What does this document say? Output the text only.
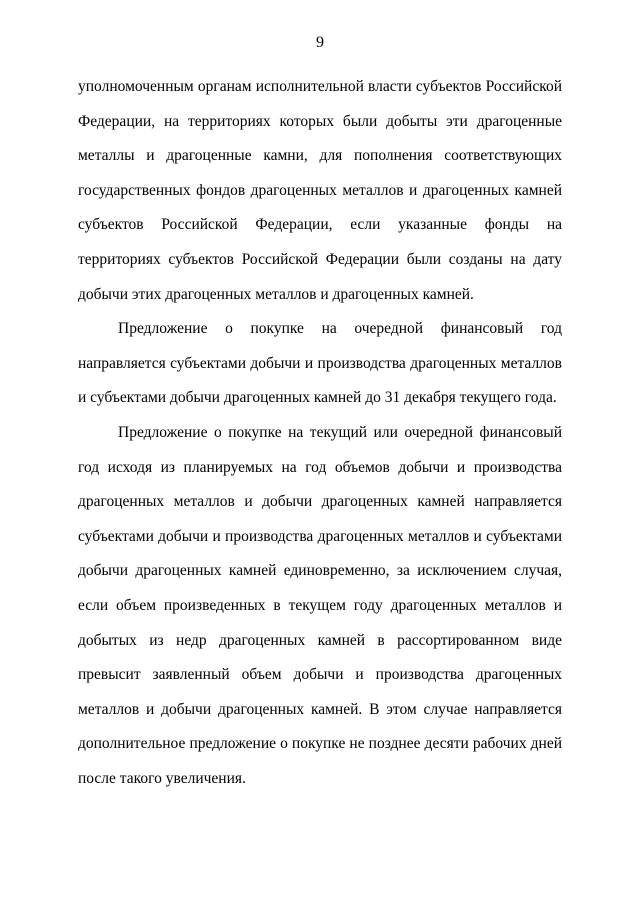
9

уполномоченным органам исполнительной власти субъектов Российской Федерации, на территориях которых были добыты эти драгоценные металлы и драгоценные камни, для пополнения соответствующих государственных фондов драгоценных металлов и драгоценных камней субъектов Российской Федерации, если указанные фонды на территориях субъектов Российской Федерации были созданы на дату добычи этих драгоценных металлов и драгоценных камней.

Предложение о покупке на очередной финансовый год направляется субъектами добычи и производства драгоценных металлов и субъектами добычи драгоценных камней до 31 декабря текущего года.

Предложение о покупке на текущий или очередной финансовый год исходя из планируемых на год объемов добычи и производства драгоценных металлов и добычи драгоценных камней направляется субъектами добычи и производства драгоценных металлов и субъектами добычи драгоценных камней единовременно, за исключением случая, если объем произведенных в текущем году драгоценных металлов и добытых из недр драгоценных камней в рассортированном виде превысит заявленный объем добычи и производства драгоценных металлов и добычи драгоценных камней. В этом случае направляется дополнительное предложение о покупке не позднее десяти рабочих дней после такого увеличения.
